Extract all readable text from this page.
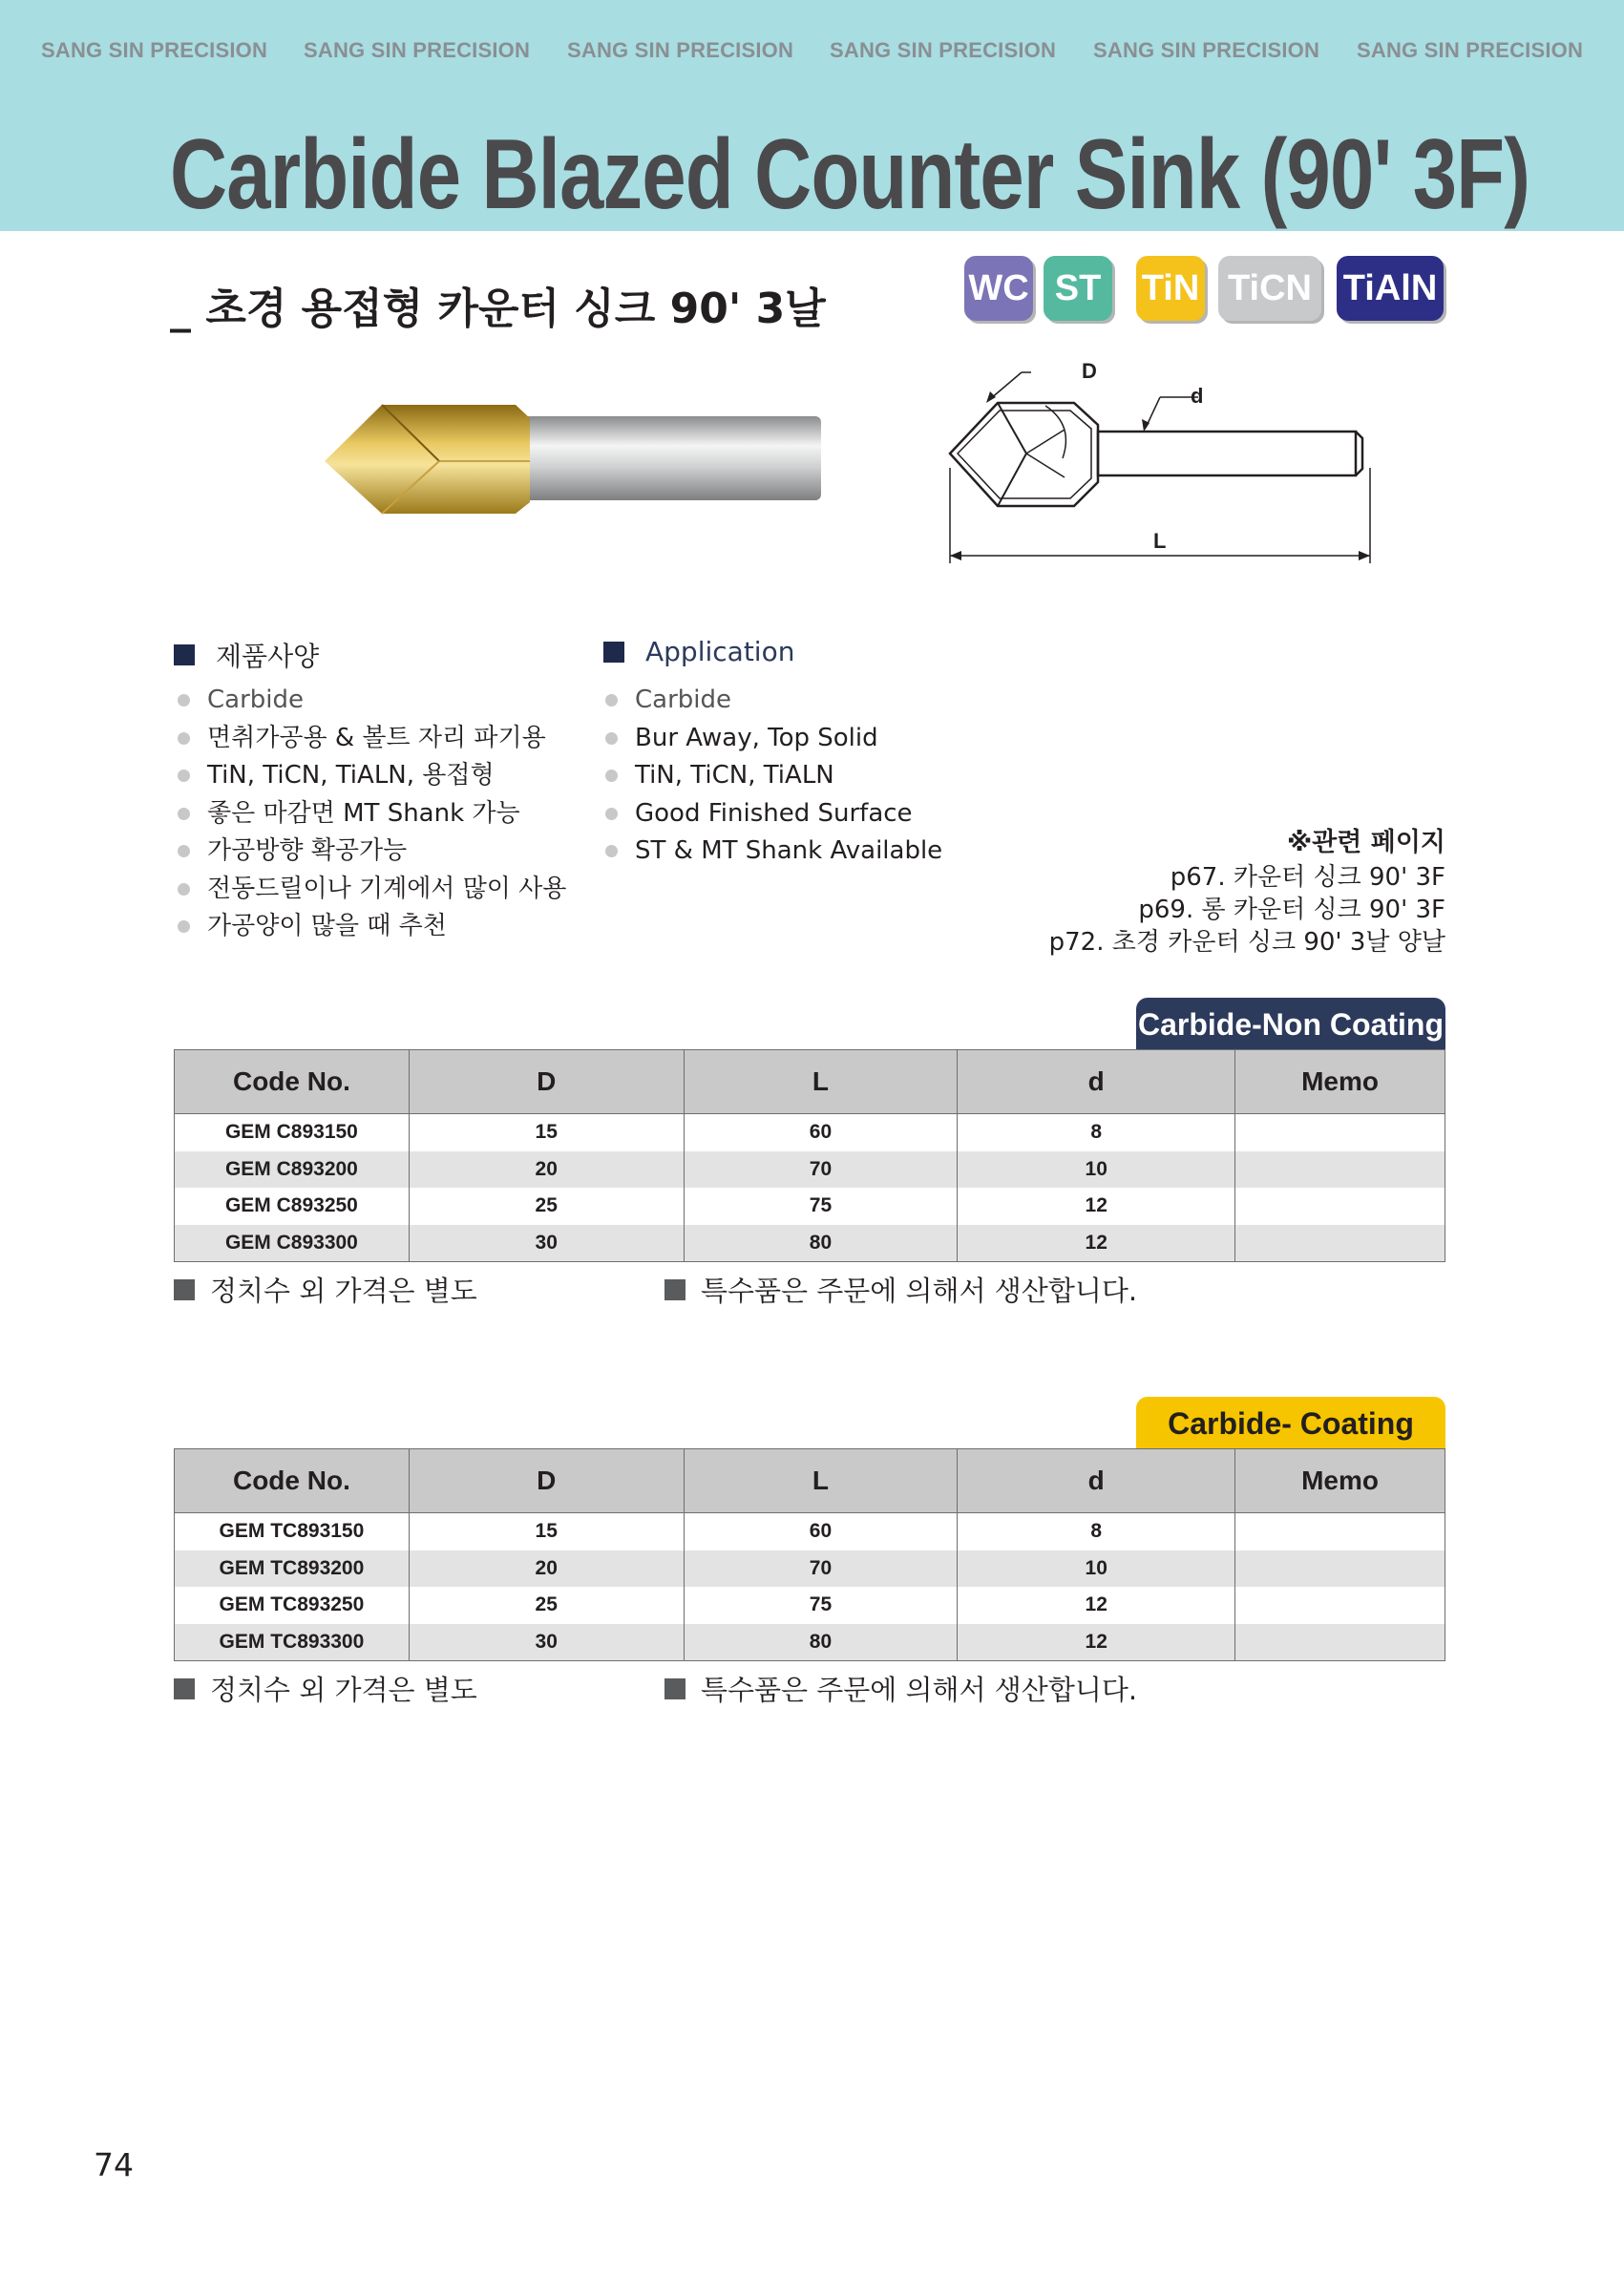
SANG SIN PRECISION SANG SIN PRECISION SANG SIN PRECISION SANG SIN PRECISION SANG SIN PRECISION SANG SIN PRECISION
Carbide Blazed Counter Sink (90' 3F)
_ 초경 용접형 카운터 싱크 90' 3날	WC ST	TiN TiCN TiAlN
D
d
L
제품사양
Carbide
면취가공용 & 볼트 자리 파기용
TiN, TiCN, TiALN, 용접형
좋은 마감면 MT Shank 가능
가공방향 확공가능
전동드릴이나 기계에서 많이 사용
가공양이 많을 때 추천
Application
Carbide
Bur Away, Top Solid
TiN, TiCN, TiALN
Good Finished Surface
ST & MT Shank Available	※관련 페이지
p67. 카운터 싱크 90' 3F
p69. 롱 카운터 싱크 90' 3F
p72. 초경 카운터 싱크 90' 3날 양날
Carbide-Non Coating
Code No.	D	L	d	Memo
GEM C893150	15	60	8	
GEM C893200	20	70	10	
GEM C893250	25	75	12	
GEM C893300	30	80	12	
정치수 외 가격은 별도	특수품은 주문에 의해서 생산합니다.
Carbide- Coating
Code No.	D	L	d	Memo
GEM TC893150	15	60	8	
GEM TC893200	20	70	10	
GEM TC893250	25	75	12	
GEM TC893300	30	80	12	
정치수 외 가격은 별도	특수품은 주문에 의해서 생산합니다.
74
